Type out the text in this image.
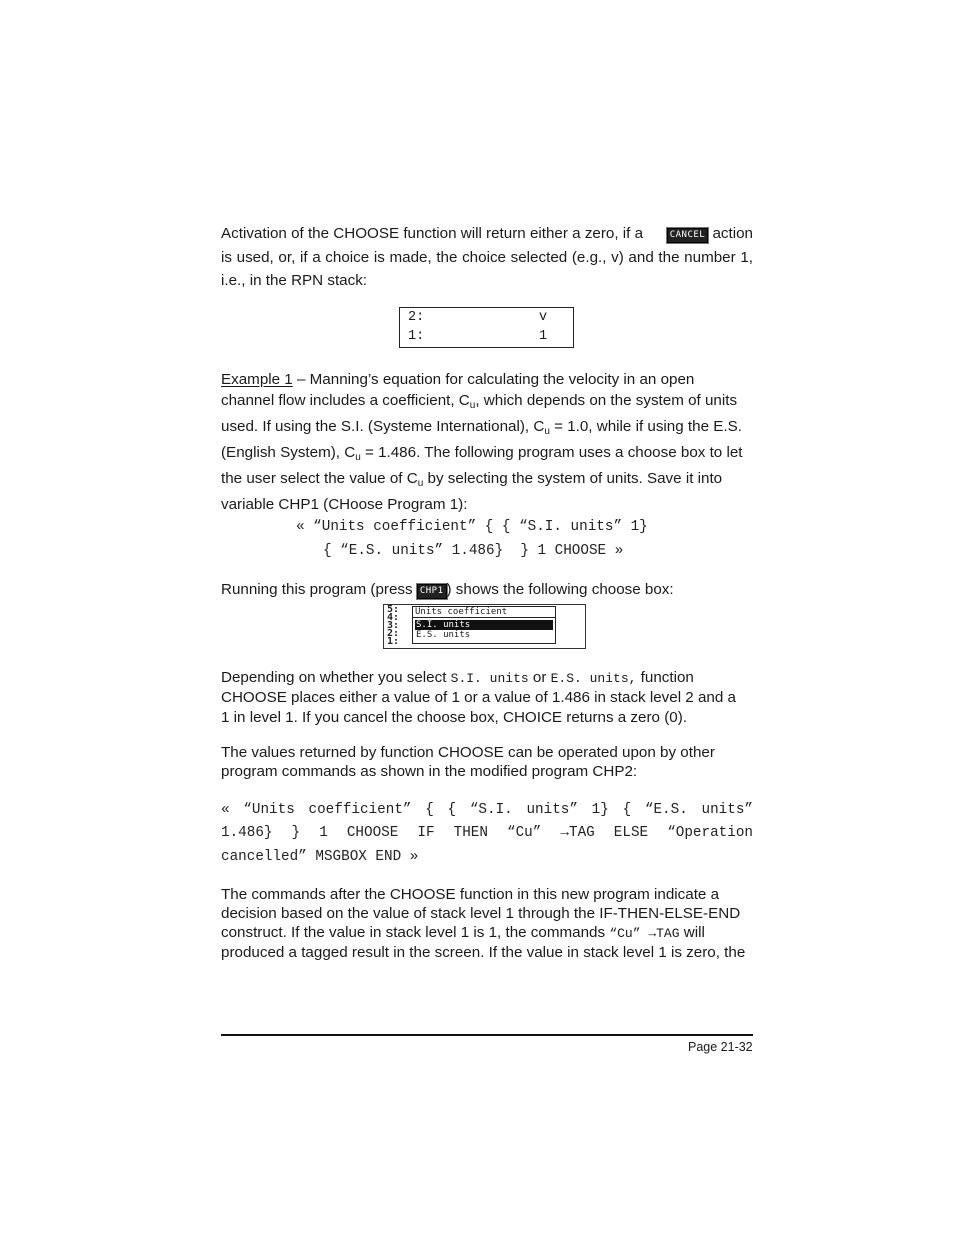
Activation of the CHOOSE function will return either a zero, if a	CANCEL action
is used, or, if a choice is made, the choice selected (e.g., v) and the number 1,
i.e., in the RPN stack:
2:	v
1:	1
Example 1 – Manning’s equation for calculating the velocity in an open
channel flow includes a coefficient, $C_u$, which depends on the system of units
used. If using the S.I. (Systeme International), $C_u = 1.0$, while if using the E.S.
(English System), $C_u = 1.486$. The following program uses a choose box to let
the user select the value of $C_u$ by selecting the system of units. Save it into
variable CHP1 (CHoose Program 1):
« “Units coefficient” { { “S.I. units” 1}
{ “E.S. units” 1.486}  } 1 CHOOSE »
Running this program (press CHP1 ) shows the following choose box:
5:
4:
3:
2:
1:
Units coefficient
S.I. units
E.S. units
Depending on whether you select S.I. units or E.S. units, function
CHOOSE places either a value of 1 or a value of 1.486 in stack level 2 and a
1 in level 1. If you cancel the choose box, CHOICE returns a zero (0).
The values returned by function CHOOSE can be operated upon by other
program commands as shown in the modified program CHP2:
« “Units coefficient” { { “S.I. units” 1} { “E.S. units”
1.486} } 1 CHOOSE IF THEN “Cu” →TAG ELSE “Operation
cancelled” MSGBOX END »
The commands after the CHOOSE function in this new program indicate a
decision based on the value of stack level 1 through the IF-THEN-ELSE-END
construct. If the value in stack level 1 is 1, the commands “Cu” →TAG will
produced a tagged result in the screen. If the value in stack level 1 is zero, the
Page 21-32
